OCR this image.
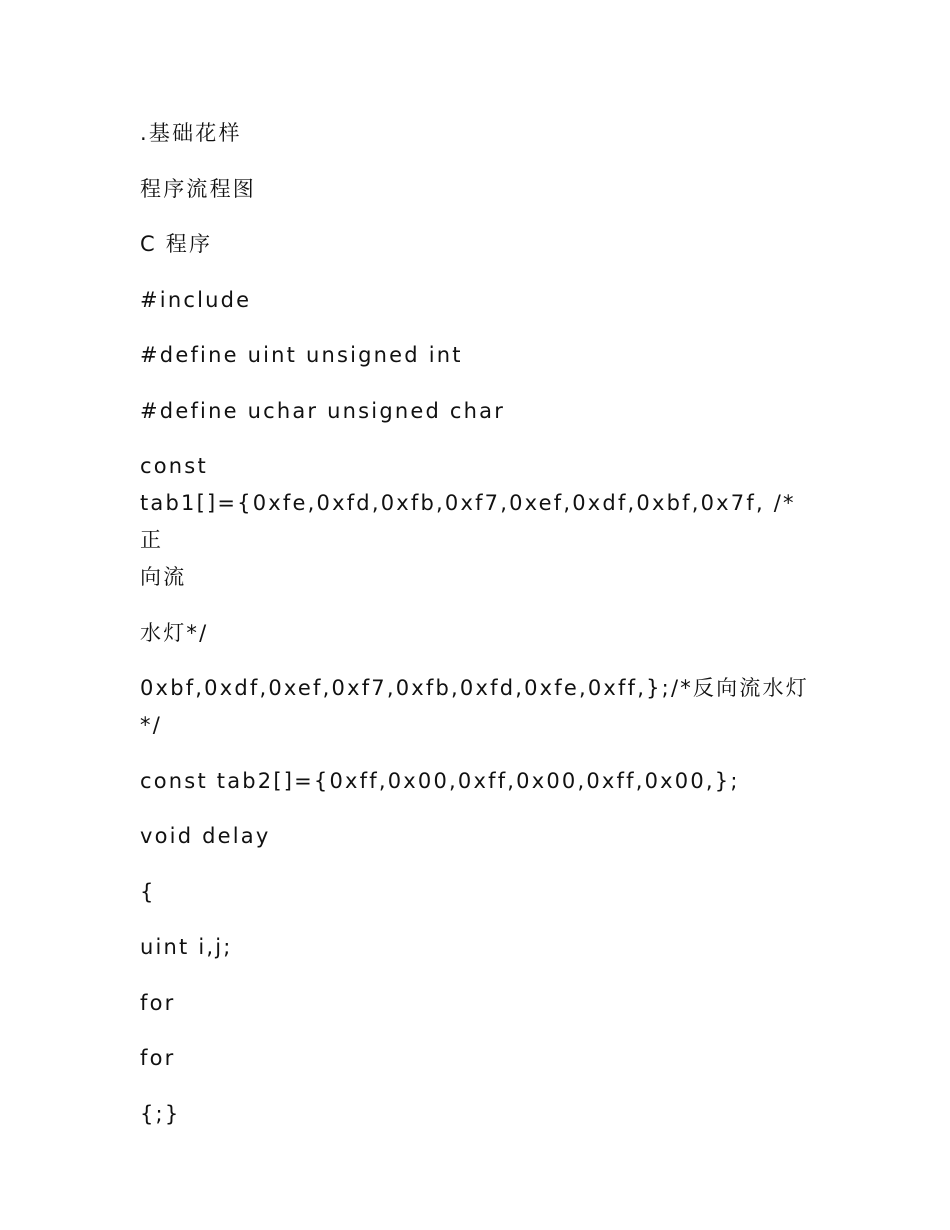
.基础花样

程序流程图

C 程序

#include

#define uint unsigned int

#define uchar unsigned char

const
tab1[]={0xfe,0xfd,0xfb,0xf7,0xef,0xdf,0xbf,0x7f, /*正
向流

水灯*/

0xbf,0xdf,0xef,0xf7,0xfb,0xfd,0xfe,0xff,};/*反向流水灯
*/

const tab2[]={0xff,0x00,0xff,0x00,0xff,0x00,};

void delay

{

uint i,j;

for

for

{;}
